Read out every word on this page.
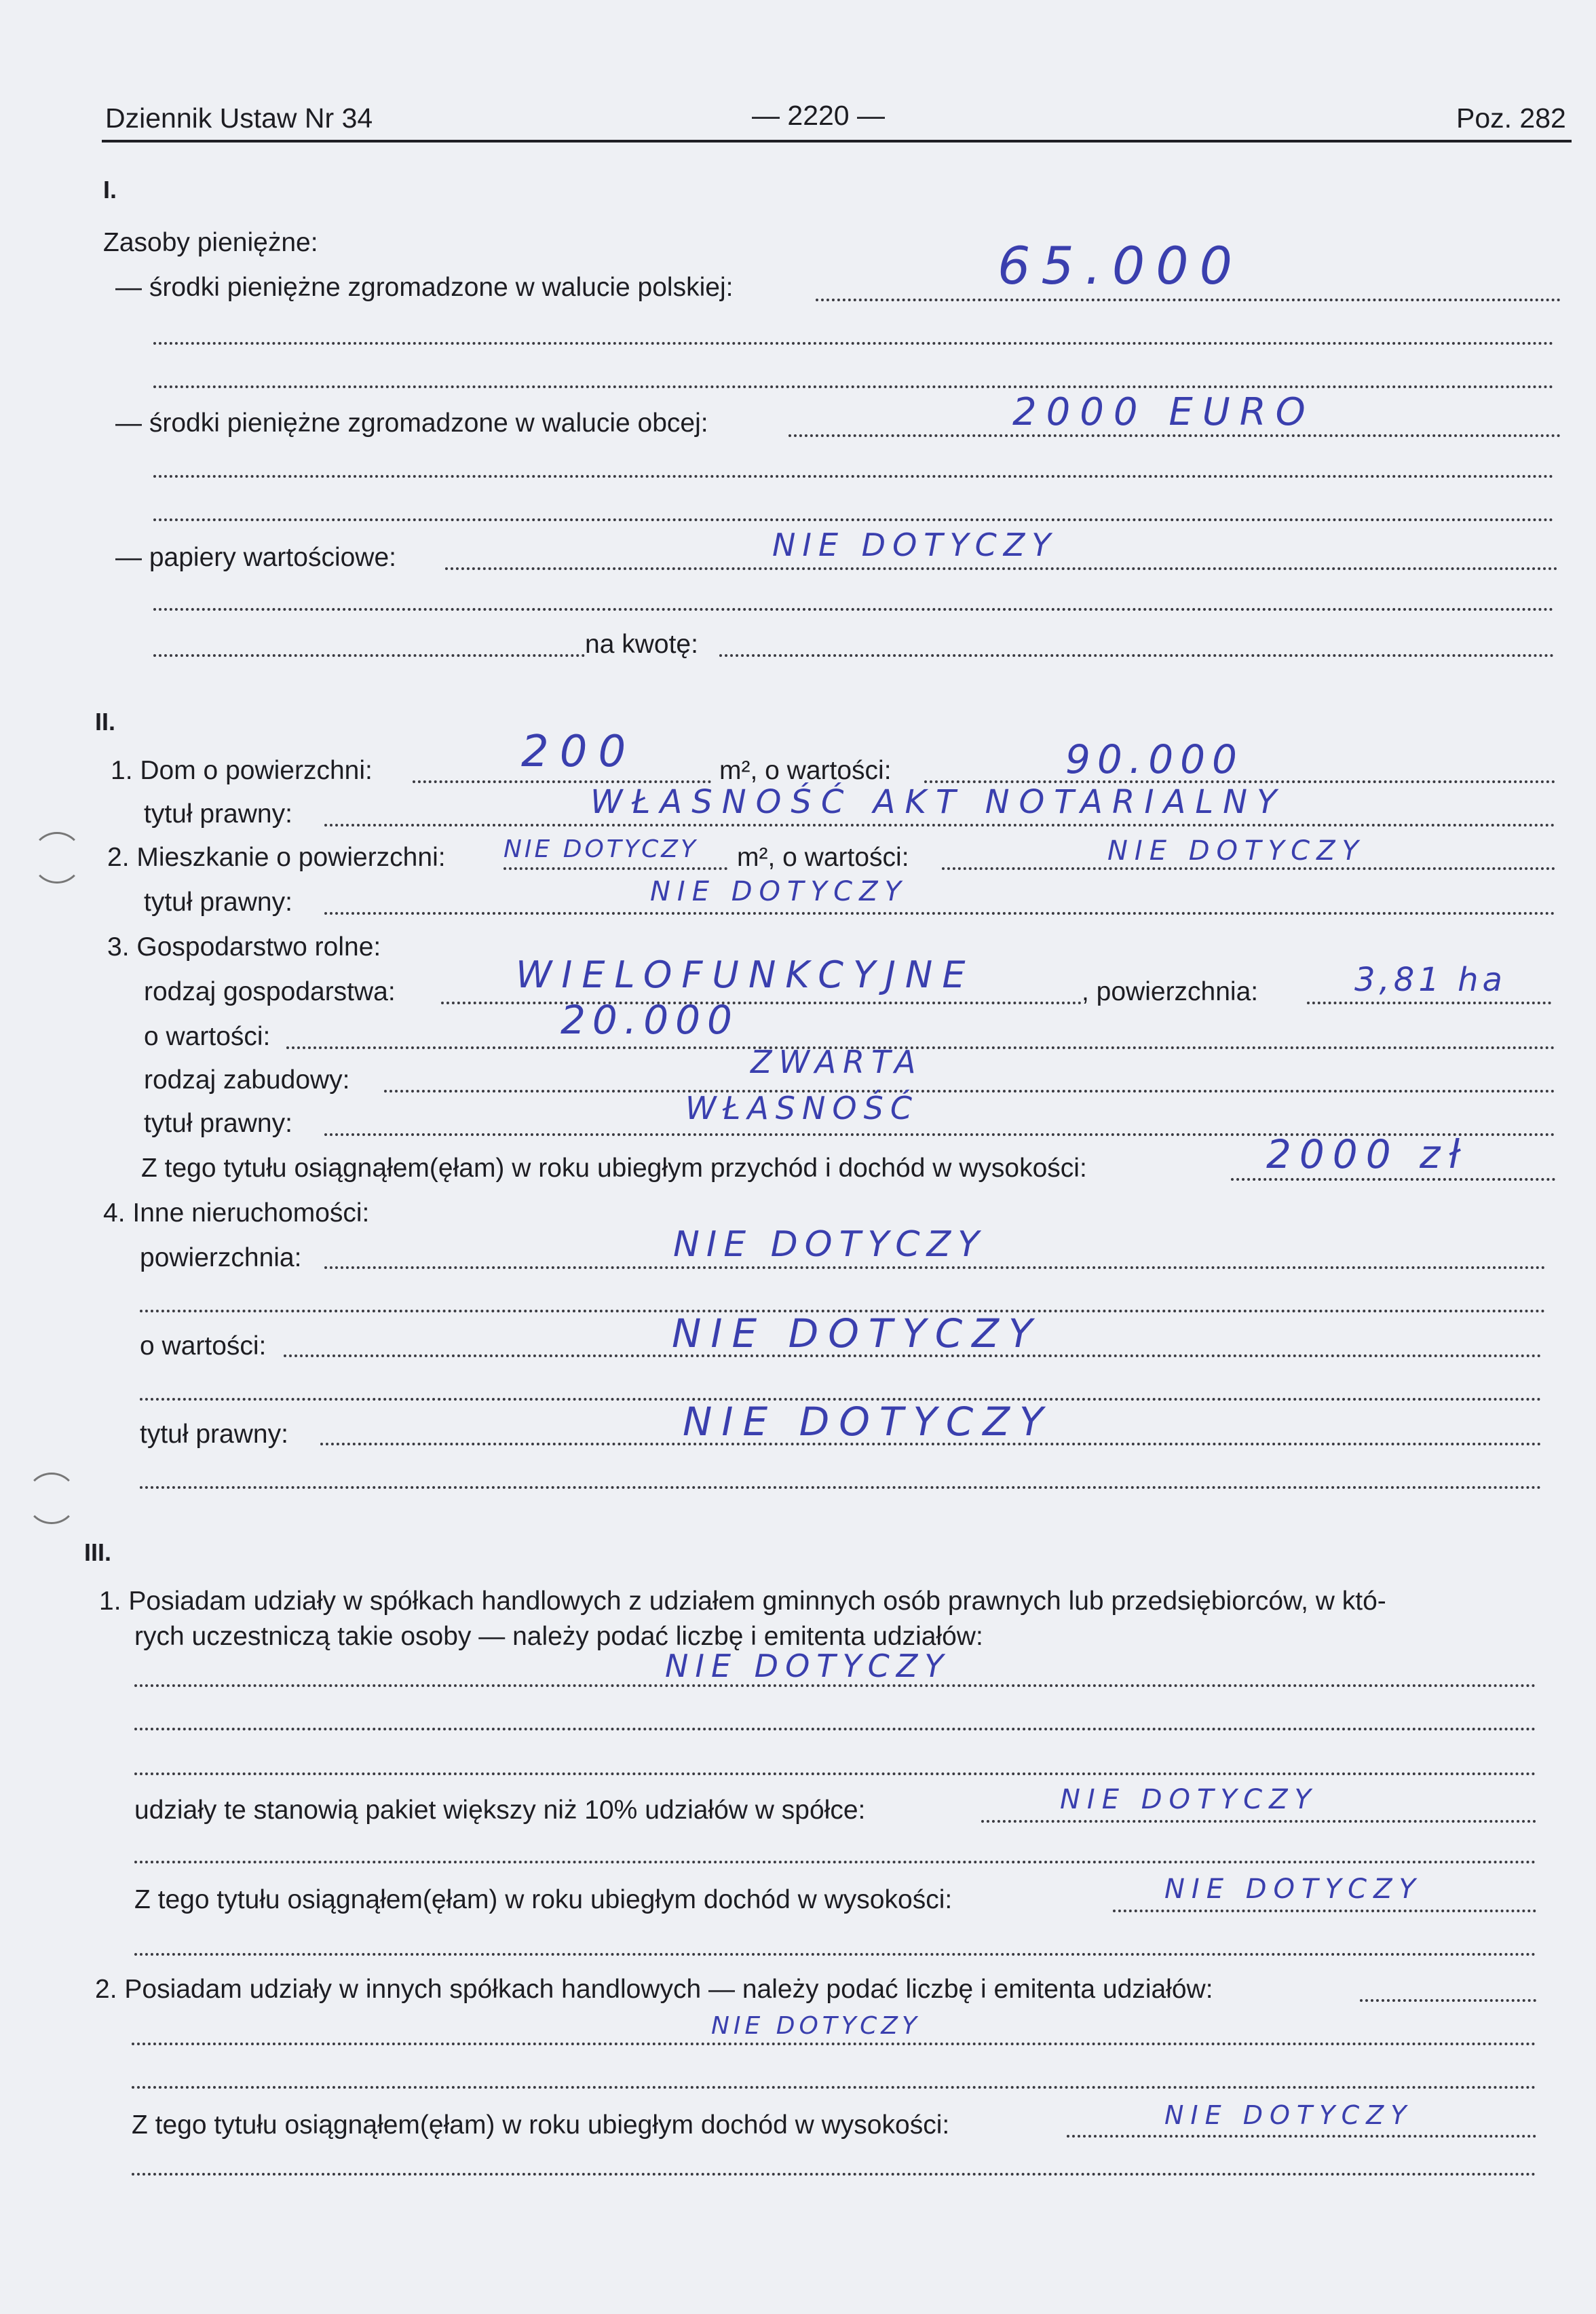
Dziennik Ustaw Nr 34	— 2220 —	Poz. 282
I.
Zasoby pieniężne:
— środki pieniężne zgromadzone w walucie polskiej:	65.000
— środki pieniężne zgromadzone w walucie obcej:	2000 EURO
— papiery wartościowe:	NIE DOTYCZY
na kwotę:
II.
1. Dom o powierzchni:	200	m², o wartości:	90.000
tytuł prawny:	WŁASNOŚĆ AKT NOTARIALNY
2. Mieszkanie o powierzchni: NIE DOTYCZY m², o wartości:	NIE DOTYCZY
tytuł prawny:	NIE DOTYCZY
3. Gospodarstwo rolne:
rodzaj gospodarstwa:	WIELOFUNKCYJNE	, powierzchnia:	3,81 ha
o wartości:	20.000
rodzaj zabudowy:	ZWARTA
tytuł prawny:	WŁASNOŚĆ
Z tego tytułu osiągnąłem(ęłam) w roku ubiegłym przychód i dochód w wysokości:	2000 zł
4. Inne nieruchomości:
powierzchnia:	NIE DOTYCZY
o wartości:	NIE DOTYCZY
tytuł prawny:	NIE DOTYCZY
III.
1. Posiadam udziały w spółkach handlowych z udziałem gminnych osób prawnych lub przedsiębiorców, w któ-
rych uczestniczą takie osoby — należy podać liczbę i emitenta udziałów:
NIE DOTYCZY
udziały te stanowią pakiet większy niż 10% udziałów w spółce:	NIE DOTYCZY
Z tego tytułu osiągnąłem(ęłam) w roku ubiegłym dochód w wysokości:	NIE DOTYCZY
2. Posiadam udziały w innych spółkach handlowych — należy podać liczbę i emitenta udziałów:
NIE DOTYCZY
Z tego tytułu osiągnąłem(ęłam) w roku ubiegłym dochód w wysokości:	NIE DOTYCZY
